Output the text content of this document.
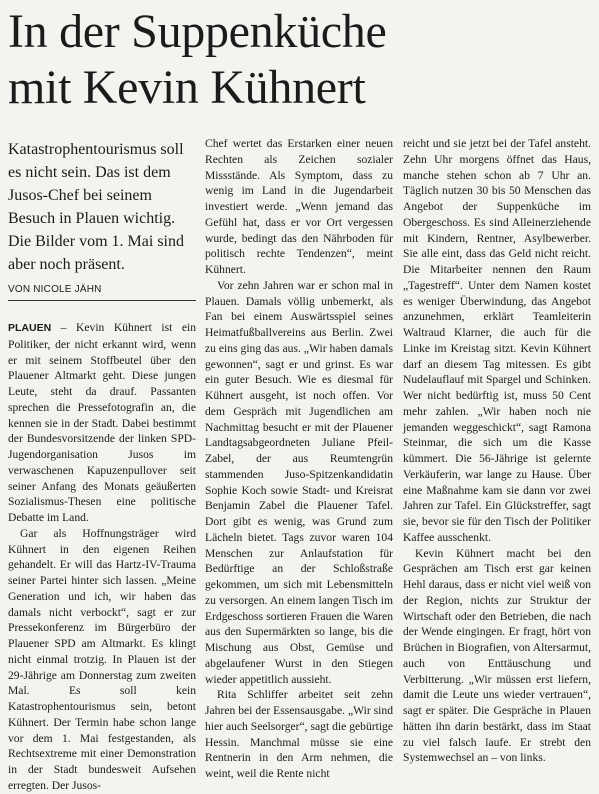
In der Suppenküche
mit Kevin Kühnert

Katastrophentourismus soll es nicht sein. Das ist dem Jusos-Chef bei seinem Besuch in Plauen wichtig. Die Bilder vom 1. Mai sind aber noch präsent.

VON NICOLE JÄHN

PLAUEN – Kevin Kühnert ist ein Politiker, der nicht erkannt wird, wenn er mit seinem Stoffbeutel über den Plauener Altmarkt geht. Diese jungen Leute, steht da drauf. Passanten sprechen die Pressefotografin an, die kennen sie in der Stadt. Dabei bestimmt der Bundesvorsitzende der linken SPD-Jugendorganisation Jusos im verwaschenen Kapuzenpullover seit seiner Anfang des Monats geäußerten Sozialismus-Thesen eine politische Debatte im Land.

Gar als Hoffnungsträger wird Kühnert in den eigenen Reihen gehandelt. Er will das Hartz-IV-Trauma seiner Partei hinter sich lassen. „Meine Generation und ich, wir haben das damals nicht verbockt“, sagt er zur Pressekonferenz im Bürgerbüro der Plauener SPD am Altmarkt. Es klingt nicht einmal trotzig. In Plauen ist der 29-Jährige am Donnerstag zum zweiten Mal. Es soll kein Katastrophentourismus sein, betont Kühnert. Der Termin habe schon lange vor dem 1. Mai festgestanden, als Rechtsextreme mit einer Demonstration in der Stadt bundesweit Aufsehen erregten. Der Jusos-

Chef wertet das Erstarken einer neuen Rechten als Zeichen sozialer Missstände. Als Symptom, dass zu wenig im Land in die Jugendarbeit investiert werde. „Wenn jemand das Gefühl hat, dass er vor Ort vergessen wurde, bedingt das den Nährboden für politisch rechte Tendenzen“, meint Kühnert.

Vor zehn Jahren war er schon mal in Plauen. Damals völlig unbemerkt, als Fan bei einem Auswärtsspiel seines Heimatfußballvereins aus Berlin. Zwei zu eins ging das aus. „Wir haben damals gewonnen“, sagt er und grinst. Es war ein guter Besuch. Wie es diesmal für Kühnert ausgeht, ist noch offen. Vor dem Gespräch mit Jugendlichen am Nachmittag besucht er mit der Plauener Landtagsabgeordneten Juliane Pfeil-Zabel, der aus Reumtengrün stammenden Juso-Spitzenkandidatin Sophie Koch sowie Stadt- und Kreisrat Benjamin Zabel die Plauener Tafel. Dort gibt es wenig, was Grund zum Lächeln bietet. Tags zuvor waren 104 Menschen zur Anlaufstation für Bedürftige an der Schloßstraße gekommen, um sich mit Lebensmitteln zu versorgen. An einem langen Tisch im Erdgeschoss sortieren Frauen die Waren aus den Supermärkten so lange, bis die Mischung aus Obst, Gemüse und abgelaufener Wurst in den Stiegen wieder appetitlich aussieht.

Rita Schliffer arbeitet seit zehn Jahren bei der Essensausgabe. „Wir sind hier auch Seelsorger“, sagt die gebürtige Hessin. Manchmal müsse sie eine Rentnerin in den Arm nehmen, die weint, weil die Rente nicht

reicht und sie jetzt bei der Tafel ansteht. Zehn Uhr morgens öffnet das Haus, manche stehen schon ab 7 Uhr an. Täglich nutzen 30 bis 50 Menschen das Angebot der Suppenküche im Obergeschoss. Es sind Alleinerziehende mit Kindern, Rentner, Asylbewerber. Sie alle eint, dass das Geld nicht reicht. Die Mitarbeiter nennen den Raum „Tagestreff“. Unter dem Namen kostet es weniger Überwindung, das Angebot anzunehmen, erklärt Teamleiterin Waltraud Klarner, die auch für die Linke im Kreistag sitzt. Kevin Kühnert darf an diesem Tag mitessen. Es gibt Nudelauflauf mit Spargel und Schinken. Wer nicht bedürftig ist, muss 50 Cent mehr zahlen. „Wir haben noch nie jemanden weggeschickt“, sagt Ramona Steinmar, die sich um die Kasse kümmert. Die 56-Jährige ist gelernte Verkäuferin, war lange zu Hause. Über eine Maßnahme kam sie dann vor zwei Jahren zur Tafel. Ein Glückstreffer, sagt sie, bevor sie für den Tisch der Politiker Kaffee ausschenkt.

Kevin Kühnert macht bei den Gesprächen am Tisch erst gar keinen Hehl daraus, dass er nicht viel weiß von der Region, nichts zur Struktur der Wirtschaft oder den Betrieben, die nach der Wende eingingen. Er fragt, hört von Brüchen in Biografien, von Altersarmut, auch von Enttäuschung und Verbitterung. „Wir müssen erst liefern, damit die Leute uns wieder vertrauen“, sagt er später. Die Gespräche in Plauen hätten ihn darin bestärkt, dass im Staat zu viel falsch laufe. Er strebt den Systemwechsel an – von links.
